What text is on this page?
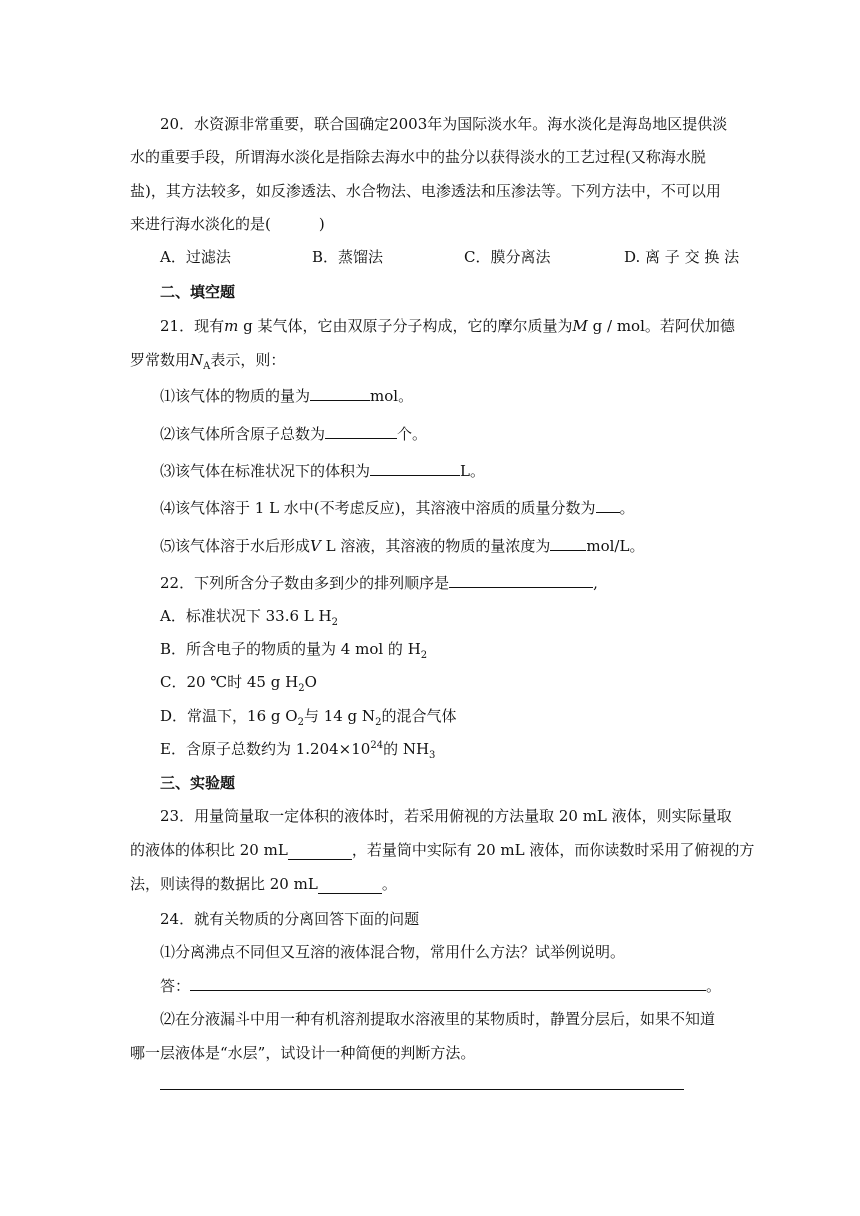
20．水资源非常重要，联合国确定2003年为国际淡水年。海水淡化是海岛地区提供淡
水的重要手段，所谓海水淡化是指除去海水中的盐分以获得淡水的工艺过程(又称海水脱
盐)，其方法较多，如反渗透法、水合物法、电渗透法和压渗法等。下列方法中，不可以用
来进行海水淡化的是(	)
A．过滤法	B．蒸馏法	C．膜分离法	D. 离 子 交 换 法
二、填空题
21．现有m g 某气体，它由双原子分子构成，它的摩尔质量为M g / mol。若阿伏加德
罗常数用$N_A$表示，则：
⑴该气体的物质的量为	mol。
⑵该气体所含原子总数为	个。
⑶该气体在标准状况下的体积为	L。
⑷该气体溶于 1 L 水中(不考虑反应)，其溶液中溶质的质量分数为 。
⑸该气体溶于水后形成V L 溶液，其溶液的物质的量浓度为 mol/L。
22．下列所含分子数由多到少的排列顺序是	,
A．标准状况下 33.6 L $H_2$
B．所含电子的物质的量为 4 mol 的 $H_2$
C．20 ℃时 45 g $H_2O$
D．常温下，16 g $O_2$与 14 g $N_2$的混合气体
E．含原子总数约为 $1.204\times 10^{24}$的 $NH_3$
三、实验题
23．用量筒量取一定体积的液体时，若采用俯视的方法量取 20 mL 液体，则实际量取
的液体的体积比 20 mL ________ ，若量筒中实际有 20 mL 液体，而你读数时采用了俯视的方
法，则读得的数据比 20 mL ________ 。
24．就有关物质的分离回答下面的问题
⑴分离沸点不同但又互溶的液体混合物，常用什么方法？试举例说明。
答：	。
⑵在分液漏斗中用一种有机溶剂提取水溶液里的某物质时，静置分层后，如果不知道
哪一层液体是“水层”，试设计一种简便的判断方法。
